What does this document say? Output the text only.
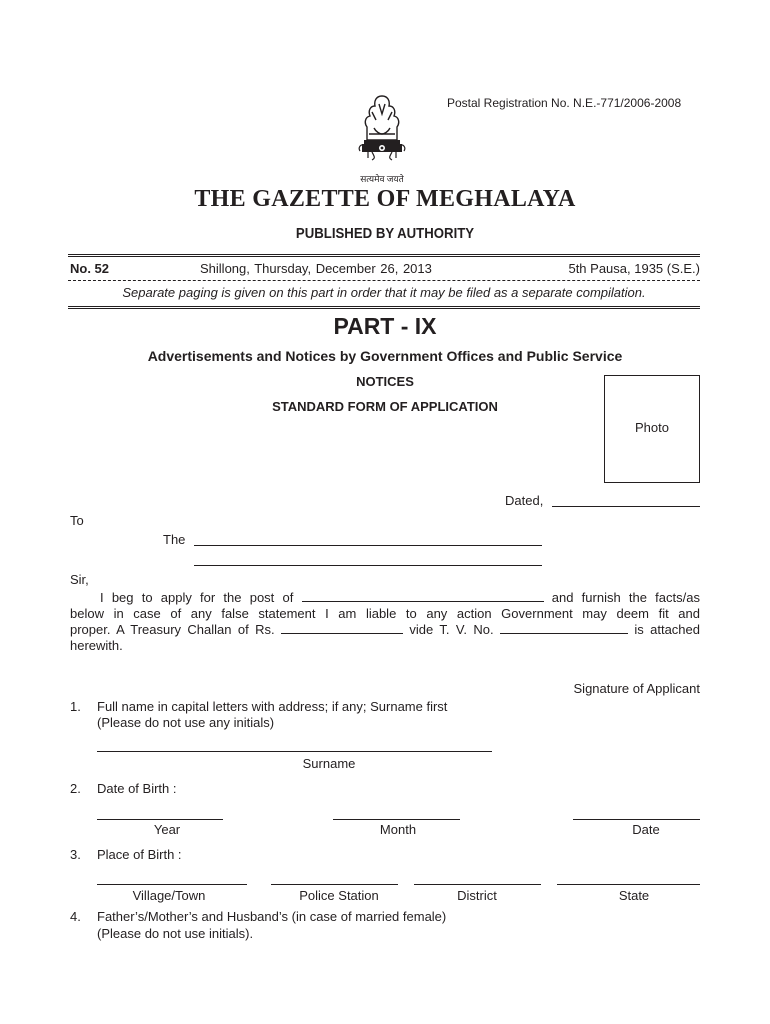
Postal Registration No. N.E.-771/2006-2008
सत्यमेव जयते
THE GAZETTE OF MEGHALAYA
PUBLISHED BY AUTHORITY
No. 52	Shillong, Thursday, December 26, 2013	5th Pausa, 1935 (S.E.)
Separate paging is given on this part in order that it may be filed as a separate compilation.
PART - IX
Advertisements and Notices by Government Offices and Public Service
NOTICES
STANDARD FORM OF APPLICATION
Photo
Dated,
To
The
Sir,
I beg to apply for the post of	and furnish the facts/as
below in case of any false statement I am liable to any action Government may deem fit and
proper. A Treasury Challan of Rs.	vide T. V. No.	is attached
herewith.
Signature of Applicant
1. Full name in capital letters with address; if any; Surname first
(Please do not use any initials)
Surname
2. Date of Birth :
Year	Month	Date
3. Place of Birth :
Village/Town	Police Station	District	State
4. Father’s/Mother’s and Husband’s (in case of married female)
(Please do not use initials).
